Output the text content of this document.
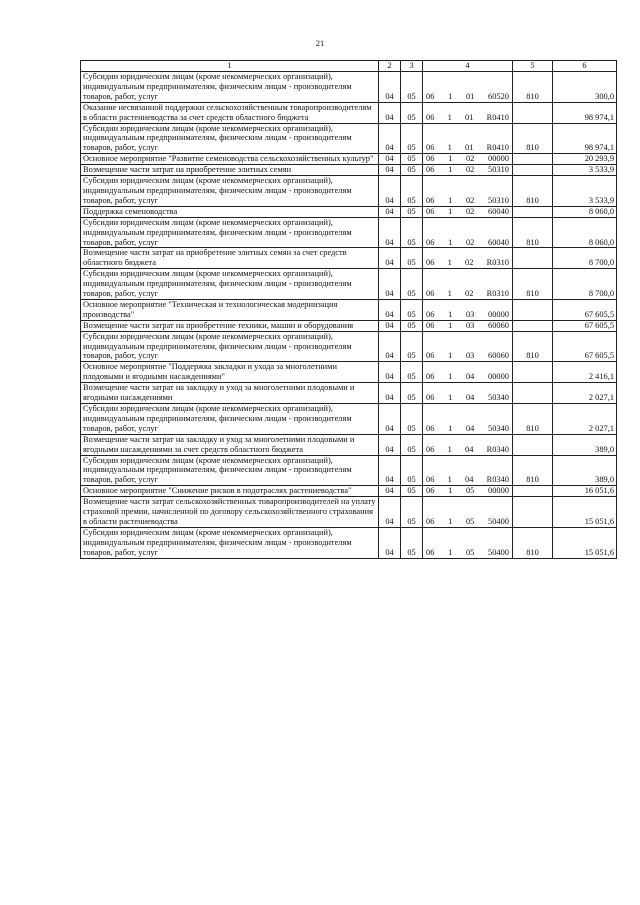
21
1	2	3	4	5	6
Субсидии юридическим лицам (кроме некоммерческих организаций), индивидуальным предпринимателям, физическим лицам - производителям товаров, работ, услуг	04	05	06 1 01 60520	810	300,0
Оказание несвязанной поддержки сельскохозяйственным товаропроизводителям в области растениеводства за счет средств областного бюджета	04	05	06 1 01 R0410		98 974,1
Субсидии юридическим лицам (кроме некоммерческих организаций), индивидуальным предпринимателям, физическим лицам - производителям товаров, работ, услуг	04	05	06 1 01 R0410	810	98 974,1
Основное мероприятие "Развитие семеноводства сельскохозяйственных культур"	04	05	06 1 02 00000		20 293,9
Возмещение части затрат на приобретение элитных семян	04	05	06 1 02 50310		3 533,9
Субсидии юридическим лицам (кроме некоммерческих организаций), индивидуальным предпринимателям, физическим лицам - производителям товаров, работ, услуг	04	05	06 1 02 50310	810	3 533,9
Поддержка семеноводства	04	05	06 1 02 60040		8 060,0
Субсидии юридическим лицам (кроме некоммерческих организаций), индивидуальным предпринимателям, физическим лицам - производителям товаров, работ, услуг	04	05	06 1 02 60040	810	8 060,0
Возмещение части затрат на приобретение элитных семян за счет средств областного бюджета	04	05	06 1 02 R0310		8 700,0
Субсидии юридическим лицам (кроме некоммерческих организаций), индивидуальным предпринимателям, физическим лицам - производителям товаров, работ, услуг	04	05	06 1 02 R0310	810	8 700,0
Основное мероприятие "Техническая и технологическая модернизация производства"	04	05	06 1 03 00000		67 605,5
Возмещение части затрат на приобретение техники, машин и оборудования	04	05	06 1 03 60060		67 605,5
Субсидии юридическим лицам (кроме некоммерческих организаций), индивидуальным предпринимателям, физическим лицам - производителям товаров, работ, услуг	04	05	06 1 03 60060	810	67 605,5
Основное мероприятие "Поддержка закладки и ухода за многолетними плодовыми и ягодными насаждениями"	04	05	06 1 04 00000		2 416,1
Возмещение части затрат на закладку и уход за многолетними плодовыми и ягодными насаждениями	04	05	06 1 04 50340		2 027,1
Субсидии юридическим лицам (кроме некоммерческих организаций), индивидуальным предпринимателям, физическим лицам - производителям товаров, работ, услуг	04	05	06 1 04 50340	810	2 027,1
Возмещение части затрат на закладку и уход за многолетними плодовыми и ягодными насаждениями за счет средств областного бюджета	04	05	06 1 04 R0340		389,0
Субсидии юридическим лицам (кроме некоммерческих организаций), индивидуальным предпринимателям, физическим лицам - производителям товаров, работ, услуг	04	05	06 1 04 R0340	810	389,0
Основное мероприятие "Снижение рисков в подотраслях растениеводства"	04	05	06 1 05 00000		16 051,6
Возмещение части затрат сельскохозяйственных товаропроизводителей на уплату страховой премии, начисленной по договору сельскохозяйственного страхования в области растениеводства	04	05	06 1 05 50400		15 051,6
Субсидии юридическим лицам (кроме некоммерческих организаций), индивидуальным предпринимателям, физическим лицам - производителям товаров, работ, услуг	04	05	06 1 05 50400	810	15 051,6
